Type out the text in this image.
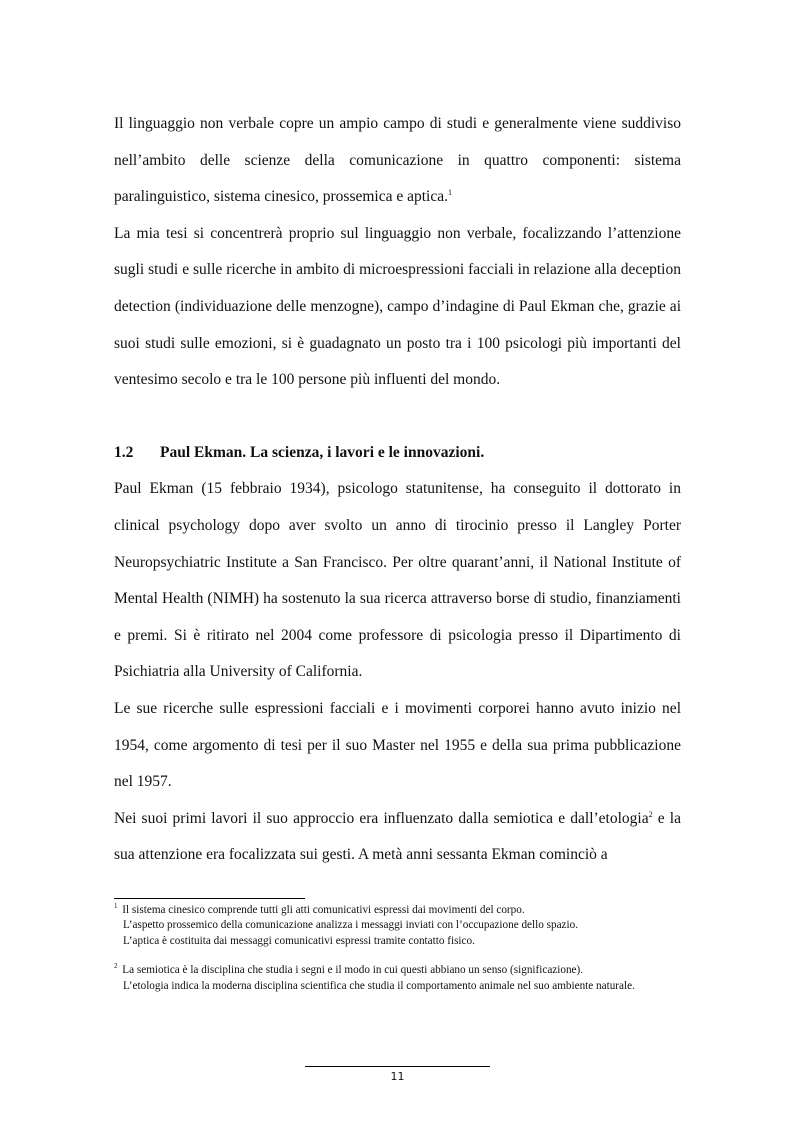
Il linguaggio non verbale copre un ampio campo di studi e generalmente viene suddiviso nell’ambito delle scienze della comunicazione in quattro componenti: sistema paralinguistico, sistema cinesico, prossemica e aptica.$^1$

La mia tesi si concentrerà proprio sul linguaggio non verbale, focalizzando l’attenzione sugli studi e sulle ricerche in ambito di microespressioni facciali in relazione alla deception detection (individuazione delle menzogne), campo d’indagine di Paul Ekman che, grazie ai suoi studi sulle emozioni, si è guadagnato un posto tra i 100 psicologi più importanti del ventesimo secolo e tra le 100 persone più influenti del mondo.

1.2	Paul Ekman. La scienza, i lavori e le innovazioni.

Paul Ekman (15 febbraio 1934), psicologo statunitense, ha conseguito il dottorato in clinical psychology dopo aver svolto un anno di tirocinio presso il Langley Porter Neuropsychiatric Institute a San Francisco. Per oltre quarant’anni, il National Institute of Mental Health (NIMH) ha sostenuto la sua ricerca attraverso borse di studio, finanziamenti e premi. Si è ritirato nel 2004 come professore di psicologia presso il Dipartimento di Psichiatria alla University of California.

Le sue ricerche sulle espressioni facciali e i movimenti corporei hanno avuto inizio nel 1954, come argomento di tesi per il suo Master nel 1955 e della sua prima pubblicazione nel 1957.

Nei suoi primi lavori il suo approccio era influenzato dalla semiotica e dall’etologia$^2$ e la sua attenzione era focalizzata sui gesti. A metà anni sessanta Ekman cominciò a

$^1$ Il sistema cinesico comprende tutti gli atti comunicativi espressi dai movimenti del corpo.
L’aspetto prossemico della comunicazione analizza i messaggi inviati con l’occupazione dello spazio.
L’aptica è costituita dai messaggi comunicativi espressi tramite contatto fisico.
$^2$ La semiotica è la disciplina che studia i segni e il modo in cui questi abbiano un senso (significazione).
L’etologia indica la moderna disciplina scientifica che studia il comportamento animale nel suo ambiente naturale.
11
